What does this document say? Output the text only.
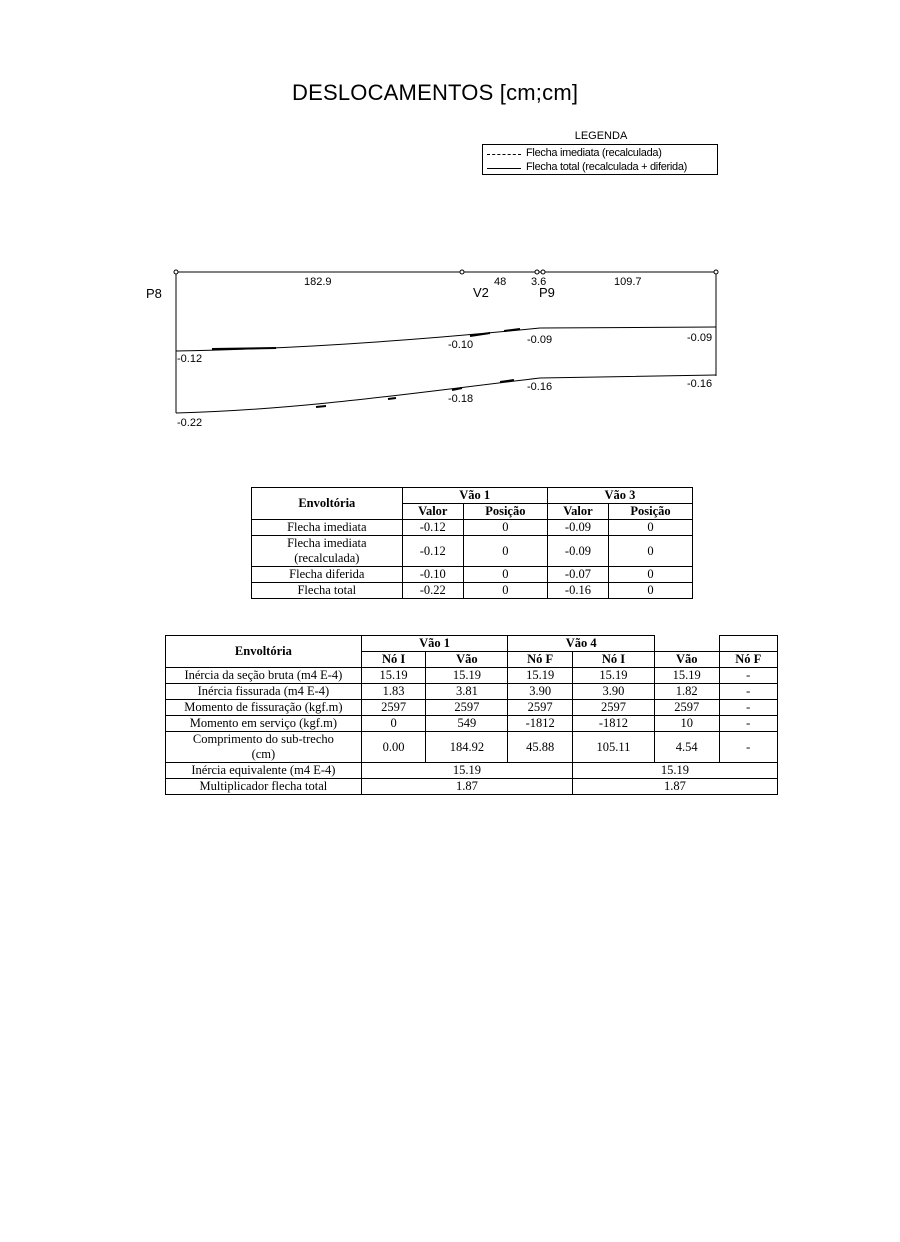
DESLOCAMENTOS [cm;cm]
LEGENDA
Flecha imediata (recalculada)
Flecha total (recalculada + diferida)
P8	V2	P9
182.9	48 3.6	109.7
-0.12
-0.10	-0.09	-0.09
-0.22
-0.18
-0.16	-0.16
Envoltória	Vão 1		Vão 3	
	Valor	Posição	Valor	Posição
Flecha imediata	-0.12	0	-0.09	0
Flecha imediata (recalculada)	-0.12	0	-0.09	0
Flecha diferida	-0.10	0	-0.07	0
Flecha total	-0.22	0	-0.16	0
Envoltória	Vão 1		Vão 4			
	Nó I	Vão	Nó F	Nó I	Vão	Nó F
Inércia da seção bruta (m4 E-4)	15.19	15.19	15.19	15.19	15.19	-
Inércia fissurada (m4 E-4)	1.83	3.81	3.90	3.90	1.82	-
Momento de fissuração (kgf.m)	2597	2597	2597	2597	2597	-
Momento em serviço (kgf.m)	0	549	-1812	-1812	10	-
Comprimento do sub-trecho (cm)	0.00	184.92	45.88	105.11	4.54	-
Inércia equivalente (m4 E-4)	15.19			15.19		
Multiplicador flecha total	1.87			1.87		
